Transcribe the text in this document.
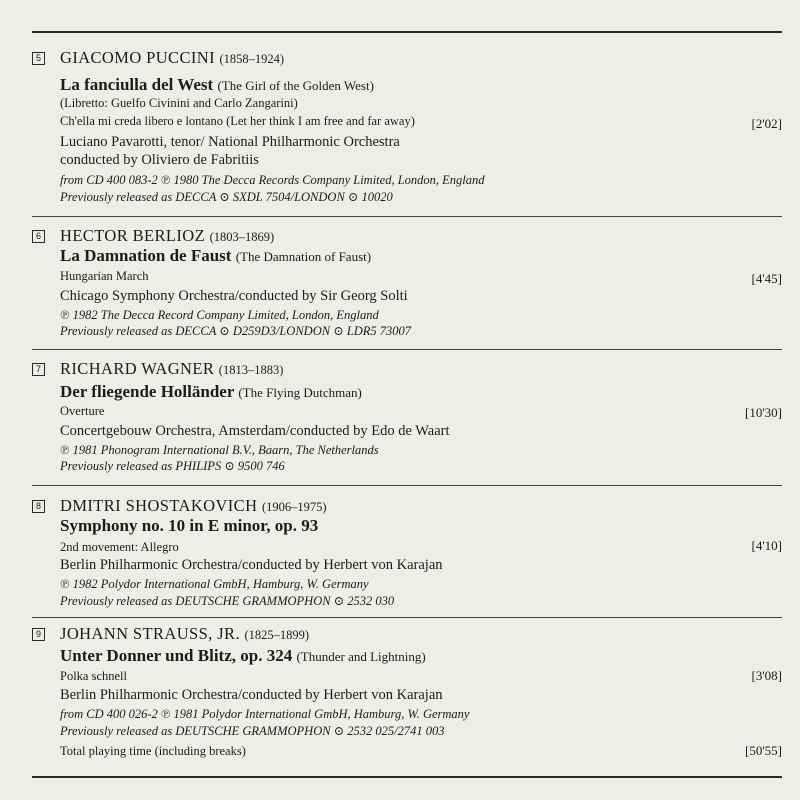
5 GIACOMO PUCCINI (1858–1924)
La fanciulla del West (The Girl of the Golden West)
(Libretto: Guelfo Civinini and Carlo Zangarini)
Ch'ella mi creda libero e lontano (Let her think I am free and far away)	[2'02]
Luciano Pavarotti, tenor/ National Philharmonic Orchestra
conducted by Oliviero de Fabritiis
from CD 400 083-2 ℗ 1980 The Decca Records Company Limited, London, England
Previously released as DECCA ⊙ SXDL 7504/LONDON ⊙ 10020
6 HECTOR BERLIOZ (1803–1869)
La Damnation de Faust (The Damnation of Faust)
Hungarian March	[4'45]
Chicago Symphony Orchestra/conducted by Sir Georg Solti
℗ 1982 The Decca Record Company Limited, London, England
Previously released as DECCA ⊙ D259D3/LONDON ⊙ LDR5 73007
7 RICHARD WAGNER (1813–1883)
Der fliegende Holländer (The Flying Dutchman)
Overture	[10'30]
Concertgebouw Orchestra, Amsterdam/conducted by Edo de Waart
℗ 1981 Phonogram International B.V., Baarn, The Netherlands
Previously released as PHILIPS ⊙ 9500 746
8 DMITRI SHOSTAKOVICH (1906–1975)
Symphony no. 10 in E minor, op. 93
2nd movement: Allegro	[4'10]
Berlin Philharmonic Orchestra/conducted by Herbert von Karajan
℗ 1982 Polydor International GmbH, Hamburg, W. Germany
Previously released as DEUTSCHE GRAMMOPHON ⊙ 2532 030
9 JOHANN STRAUSS, JR. (1825–1899)
Unter Donner und Blitz, op. 324 (Thunder and Lightning)
Polka schnell	[3'08]
Berlin Philharmonic Orchestra/conducted by Herbert von Karajan
from CD 400 026-2 ℗ 1981 Polydor International GmbH, Hamburg, W. Germany
Previously released as DEUTSCHE GRAMMOPHON ⊙ 2532 025/2741 003
Total playing time (including breaks)	[50'55]
